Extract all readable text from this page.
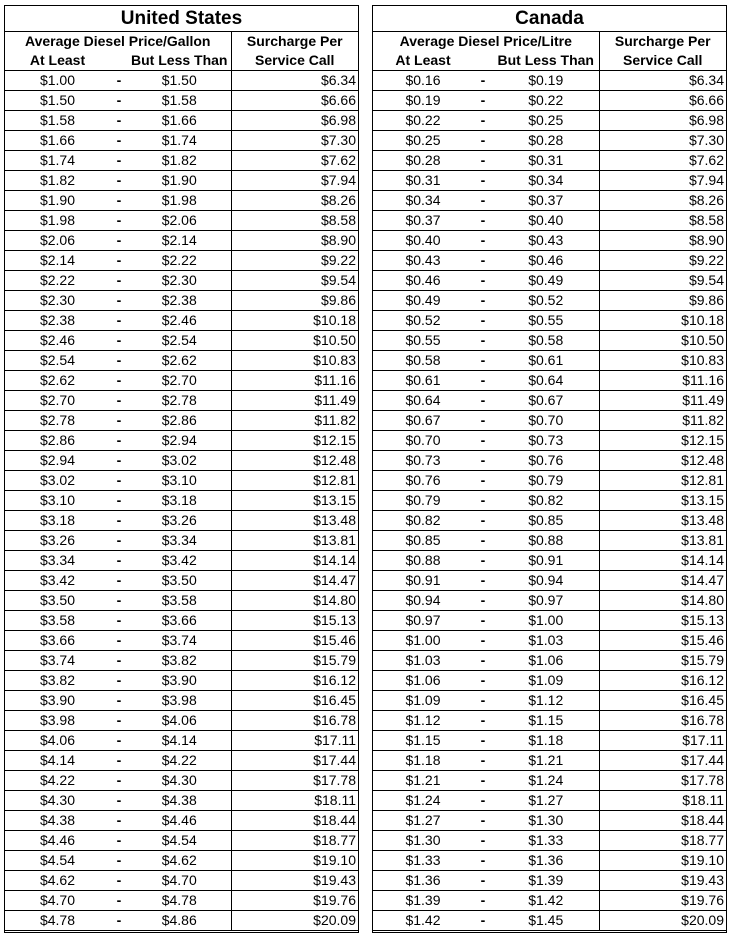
United States			
Average Diesel Price/Gallon			Surcharge Per
At Least		But Less Than	Service Call
$1.00	-	$1.50	$6.34
$1.50	-	$1.58	$6.66
$1.58	-	$1.66	$6.98
$1.66	-	$1.74	$7.30
$1.74	-	$1.82	$7.62
$1.82	-	$1.90	$7.94
$1.90	-	$1.98	$8.26
$1.98	-	$2.06	$8.58
$2.06	-	$2.14	$8.90
$2.14	-	$2.22	$9.22
$2.22	-	$2.30	$9.54
$2.30	-	$2.38	$9.86
$2.38	-	$2.46	$10.18
$2.46	-	$2.54	$10.50
$2.54	-	$2.62	$10.83
$2.62	-	$2.70	$11.16
$2.70	-	$2.78	$11.49
$2.78	-	$2.86	$11.82
$2.86	-	$2.94	$12.15
$2.94	-	$3.02	$12.48
$3.02	-	$3.10	$12.81
$3.10	-	$3.18	$13.15
$3.18	-	$3.26	$13.48
$3.26	-	$3.34	$13.81
$3.34	-	$3.42	$14.14
$3.42	-	$3.50	$14.47
$3.50	-	$3.58	$14.80
$3.58	-	$3.66	$15.13
$3.66	-	$3.74	$15.46
$3.74	-	$3.82	$15.79
$3.82	-	$3.90	$16.12
$3.90	-	$3.98	$16.45
$3.98	-	$4.06	$16.78
$4.06	-	$4.14	$17.11
$4.14	-	$4.22	$17.44
$4.22	-	$4.30	$17.78
$4.30	-	$4.38	$18.11
$4.38	-	$4.46	$18.44
$4.46	-	$4.54	$18.77
$4.54	-	$4.62	$19.10
$4.62	-	$4.70	$19.43
$4.70	-	$4.78	$19.76
$4.78	-	$4.86	$20.09
Canada			
Average Diesel Price/Litre			Surcharge Per
At Least		But Less Than	Service Call
$0.16	-	$0.19	$6.34
$0.19	-	$0.22	$6.66
$0.22	-	$0.25	$6.98
$0.25	-	$0.28	$7.30
$0.28	-	$0.31	$7.62
$0.31	-	$0.34	$7.94
$0.34	-	$0.37	$8.26
$0.37	-	$0.40	$8.58
$0.40	-	$0.43	$8.90
$0.43	-	$0.46	$9.22
$0.46	-	$0.49	$9.54
$0.49	-	$0.52	$9.86
$0.52	-	$0.55	$10.18
$0.55	-	$0.58	$10.50
$0.58	-	$0.61	$10.83
$0.61	-	$0.64	$11.16
$0.64	-	$0.67	$11.49
$0.67	-	$0.70	$11.82
$0.70	-	$0.73	$12.15
$0.73	-	$0.76	$12.48
$0.76	-	$0.79	$12.81
$0.79	-	$0.82	$13.15
$0.82	-	$0.85	$13.48
$0.85	-	$0.88	$13.81
$0.88	-	$0.91	$14.14
$0.91	-	$0.94	$14.47
$0.94	-	$0.97	$14.80
$0.97	-	$1.00	$15.13
$1.00	-	$1.03	$15.46
$1.03	-	$1.06	$15.79
$1.06	-	$1.09	$16.12
$1.09	-	$1.12	$16.45
$1.12	-	$1.15	$16.78
$1.15	-	$1.18	$17.11
$1.18	-	$1.21	$17.44
$1.21	-	$1.24	$17.78
$1.24	-	$1.27	$18.11
$1.27	-	$1.30	$18.44
$1.30	-	$1.33	$18.77
$1.33	-	$1.36	$19.10
$1.36	-	$1.39	$19.43
$1.39	-	$1.42	$19.76
$1.42	-	$1.45	$20.09
